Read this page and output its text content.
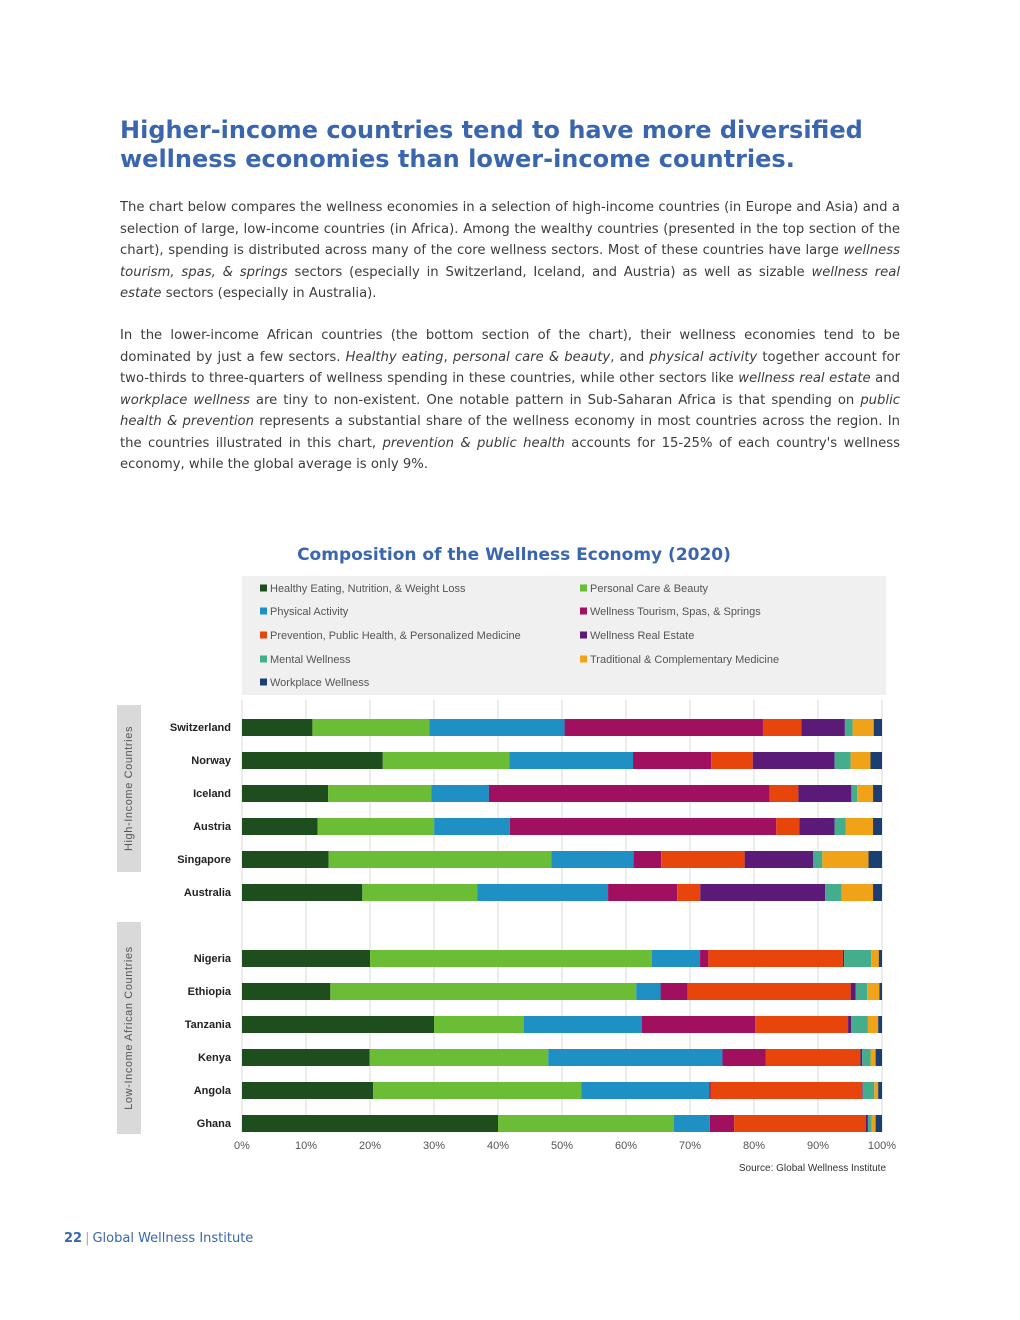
Higher-income countries tend to have more diversified
wellness economies than lower-income countries.

The chart below compares the wellness economies in a selection of high-income countries (in Europe and Asia) and a selection of large, low-income countries (in Africa). Among the wealthy countries (presented in the top section of the chart), spending is distributed across many of the core wellness sectors. Most of these countries have large wellness tourism, spas, & springs sectors (especially in Switzerland, Iceland, and Austria) as well as sizable wellness real estate sectors (especially in Australia).

In the lower-income African countries (the bottom section of the chart), their wellness economies tend to be dominated by just a few sectors. Healthy eating, personal care & beauty, and physical activity together account for two-thirds to three-quarters of wellness spending in these countries, while other sectors like wellness real estate and workplace wellness are tiny to non-existent. One notable pattern in Sub-Saharan Africa is that spending on public health & prevention represents a substantial share of the wellness economy in most countries across the region. In the countries illustrated in this chart, prevention & public health accounts for 15-25% of each country's wellness economy, while the global average is only 9%.

Composition of the Wellness Economy (2020)
Healthy Eating, Nutrition, & Weight Loss	Personal Care & Beauty
Physical Activity	Wellness Tourism, Spas, & Springs
Prevention, Public Health, & Personalized Medicine	Wellness Real Estate
Mental Wellness	Traditional & Complementary Medicine
Workplace Wellness
High-Income Countries
Low-Income African Countries
Switzerland
Norway
Iceland
Austria
Singapore
Australia
Nigeria
Ethiopia
Tanzania
Kenya
Angola
Ghana
0%	10%	20%	30%	40%	50%	60%	70%	80%	90%	100%
Source: Global Wellness Institute
22 | Global Wellness Institute
